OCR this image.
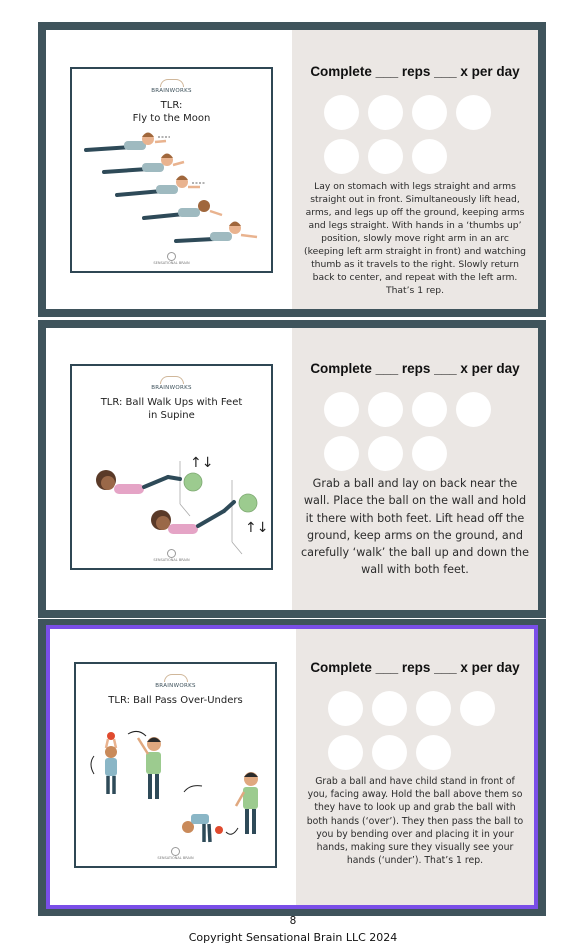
BRAINWORKS
TLR:
Fly to the Moon
SENSATIONAL BRAIN
Complete ___ reps ___ x per day
Lay on stomach with legs straight and arms straight out in front. Simultaneously lift head, arms, and legs up off the ground, keeping arms and legs straight. With hands in a ‘thumbs up’ position, slowly move right arm in an arc (keeping left arm straight in front) and watching thumb as it travels to the right. Slowly return back to center, and repeat with the left arm. That’s 1 rep.
BRAINWORKS
TLR: Ball Walk Ups with Feet
in Supine
↑↓
↑↓
SENSATIONAL BRAIN
Complete ___ reps ___ x per day
Grab a ball and lay on back near the wall. Place the ball on the wall and hold it there with both feet. Lift head off the ground, keep arms on the ground, and carefully ‘walk’ the ball up and down the wall with both feet.
BRAINWORKS
TLR: Ball Pass Over-Unders
SENSATIONAL BRAIN
Complete ___ reps ___ x per day
Grab a ball and have child stand in front of you, facing away. Hold the ball above them so they have to look up and grab the ball with both hands (‘over’). They then pass the ball to you by bending over and placing it in your hands, making sure they visually see your hands (‘under’). That’s 1 rep.
8
Copyright Sensational Brain LLC 2024
